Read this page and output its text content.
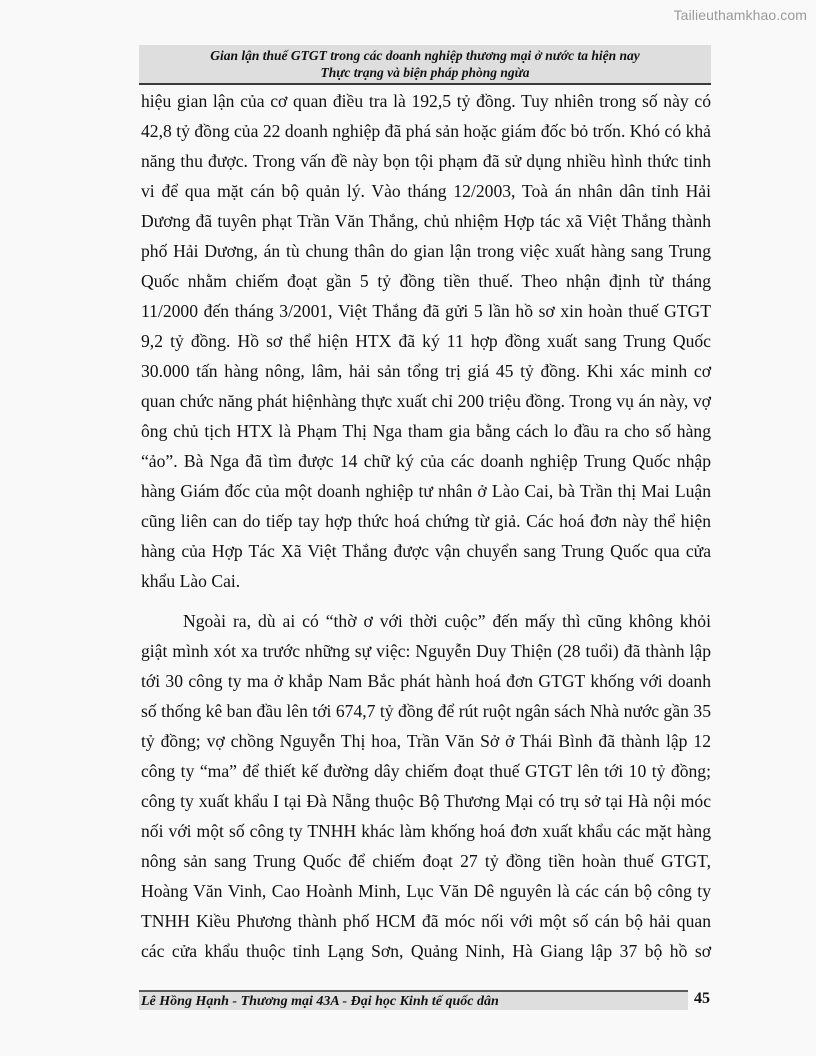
Tailieuthamkhao.com
Gian lận thuế GTGT trong các doanh nghiệp thương mại ở nước ta hiện nay
Thực trạng và biện pháp phòng ngừa

hiệu gian lận của cơ quan điều tra là 192,5 tỷ đồng. Tuy nhiên trong số này có
42,8 tỷ đồng của 22 doanh nghiệp đã phá sản hoặc giám đốc bỏ trốn. Khó có khả
năng thu được. Trong vấn đề này bọn tội phạm đã sử dụng nhiều hình thức tinh
vi để qua mặt cán bộ quản lý. Vào tháng 12/2003, Toà án nhân dân tỉnh Hải
Dương đã tuyên phạt Trần Văn Thắng, chủ nhiệm Hợp tác xã Việt Thắng thành
phố Hải Dương, án tù chung thân do gian lận trong việc xuất hàng sang Trung
Quốc nhằm chiếm đoạt gần 5 tỷ đồng tiền thuế. Theo nhận định từ tháng
11/2000 đến tháng 3/2001, Việt Thắng đã gửi 5 lần hồ sơ xin hoàn thuế GTGT
9,2 tỷ đồng. Hồ sơ thể hiện HTX đã ký 11 hợp đồng xuất sang Trung Quốc
30.000 tấn hàng nông, lâm, hải sản tổng trị giá 45 tỷ đồng. Khi xác minh cơ
quan chức năng phát hiệnhàng thực xuất chỉ 200 triệu đồng. Trong vụ án này, vợ
ông chủ tịch HTX là Phạm Thị Nga tham gia bằng cách lo đầu ra cho số hàng
“ảo”. Bà Nga đã tìm được 14 chữ ký của các doanh nghiệp Trung Quốc nhập
hàng Giám đốc của một doanh nghiệp tư nhân ở Lào Cai, bà Trần thị Mai Luận
cũng liên can do tiếp tay hợp thức hoá chứng từ giả. Các hoá đơn này thể hiện
hàng của Hợp Tác Xã Việt Thắng được vận chuyển sang Trung Quốc qua cửa
khẩu Lào Cai.

Ngoài ra, dù ai có “thờ ơ với thời cuộc” đến mấy thì cũng không khỏi
giật mình xót xa trước những sự việc: Nguyễn Duy Thiện (28 tuổi) đã thành lập
tới 30 công ty ma ở khắp Nam Bắc phát hành hoá đơn GTGT khống với doanh
số thống kê ban đầu lên tới 674,7 tỷ đồng để rút ruột ngân sách Nhà nước gần 35
tỷ đồng; vợ chồng Nguyễn Thị hoa, Trần Văn Sở ở Thái Bình đã thành lập 12
công ty “ma” để thiết kế đường dây chiếm đoạt thuế GTGT lên tới 10 tỷ đồng;
công ty xuất khẩu I tại Đà Nẵng thuộc Bộ Thương Mại có trụ sở tại Hà nội móc
nối với một số công ty TNHH khác làm khống hoá đơn xuất khẩu các mặt hàng
nông sản sang Trung Quốc để chiếm đoạt 27 tỷ đồng tiền hoàn thuế GTGT,
Hoàng Văn Vinh, Cao Hoành Minh, Lục Văn Dê nguyên là các cán bộ công ty
TNHH Kiều Phương thành phố HCM đã móc nối với một số cán bộ hải quan
các cửa khẩu thuộc tỉnh Lạng Sơn, Quảng Ninh, Hà Giang lập 37 bộ hồ sơ

Lê Hồng Hạnh - Thương mại 43A - Đại học Kinh tế quốc dân	45
